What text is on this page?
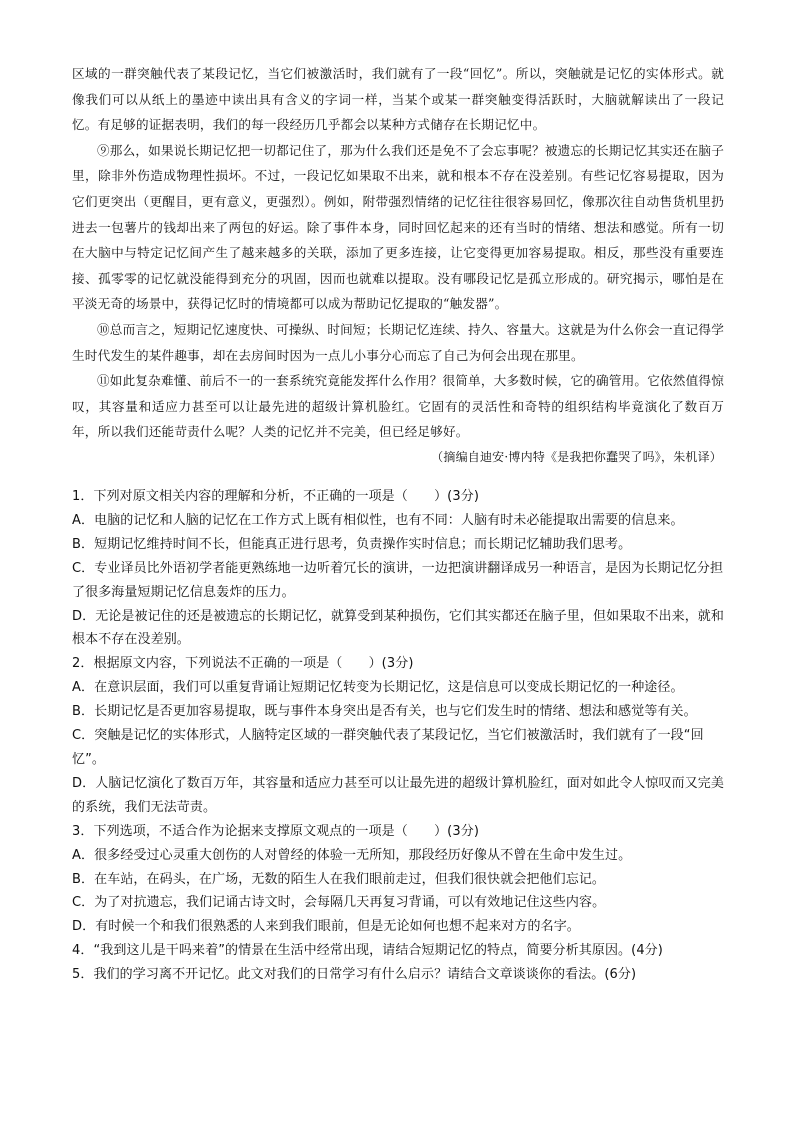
区域的一群突触代表了某段记忆，当它们被激活时，我们就有了一段“回忆”。所以，突触就是记忆的实体形式。就像我们可以从纸上的墨迹中读出具有含义的字词一样，当某个或某一群突触变得活跃时，大脑就解读出了一段记忆。有足够的证据表明，我们的每一段经历几乎都会以某种方式储存在长期记忆中。

⑨那么，如果说长期记忆把一切都记住了，那为什么我们还是免不了会忘事呢？被遗忘的长期记忆其实还在脑子里，除非外伤造成物理性损坏。不过，一段记忆如果取不出来，就和根本不存在没差别。有些记忆容易提取，因为它们更突出（更醒目，更有意义，更强烈）。例如，附带强烈情绪的记忆往往很容易回忆，像那次往自动售货机里扔进去一包薯片的钱却出来了两包的好运。除了事件本身，同时回忆起来的还有当时的情绪、想法和感觉。所有一切在大脑中与特定记忆间产生了越来越多的关联，添加了更多连接，让它变得更加容易提取。相反，那些没有重要连接、孤零零的记忆就没能得到充分的巩固，因而也就难以提取。没有哪段记忆是孤立形成的。研究揭示，哪怕是在平淡无奇的场景中，获得记忆时的情境都可以成为帮助记忆提取的“触发器”。

⑩总而言之，短期记忆速度快、可操纵、时间短；长期记忆连续、持久、容量大。这就是为什么你会一直记得学生时代发生的某件趣事，却在去房间时因为一点儿小事分心而忘了自己为何会出现在那里。

⑪如此复杂难懂、前后不一的一套系统究竟能发挥什么作用？很简单，大多数时候，它的确管用。它依然值得惊叹，其容量和适应力甚至可以让最先进的超级计算机脸红。它固有的灵活性和奇特的组织结构毕竟演化了数百万年，所以我们还能苛责什么呢？人类的记忆并不完美，但已经足够好。

（摘编自迪安·博内特《是我把你蠢哭了吗》，朱机译）

1．下列对原文相关内容的理解和分析，不正确的一项是（　　）(3分)

A．电脑的记忆和人脑的记忆在工作方式上既有相似性，也有不同：人脑有时未必能提取出需要的信息来。

B．短期记忆维持时间不长，但能真正进行思考，负责操作实时信息；而长期记忆辅助我们思考。

C．专业译员比外语初学者能更熟练地一边听着冗长的演讲，一边把演讲翻译成另一种语言，是因为长期记忆分担了很多海量短期记忆信息轰炸的压力。

D．无论是被记住的还是被遗忘的长期记忆，就算受到某种损伤，它们其实都还在脑子里，但如果取不出来，就和根本不存在没差别。

2．根据原文内容，下列说法不正确的一项是（　　）(3分)

A．在意识层面，我们可以重复背诵让短期记忆转变为长期记忆，这是信息可以变成长期记忆的一种途径。

B．长期记忆是否更加容易提取，既与事件本身突出是否有关，也与它们发生时的情绪、想法和感觉等有关。

C．突触是记忆的实体形式，人脑特定区域的一群突触代表了某段记忆，当它们被激活时，我们就有了一段“回忆”。

D．人脑记忆演化了数百万年，其容量和适应力甚至可以让最先进的超级计算机脸红，面对如此令人惊叹而又完美的系统，我们无法苛责。

3．下列选项，不适合作为论据来支撑原文观点的一项是（　　）(3分)

A．很多经受过心灵重大创伤的人对曾经的体验一无所知，那段经历好像从不曾在生命中发生过。

B．在车站，在码头，在广场，无数的陌生人在我们眼前走过，但我们很快就会把他们忘记。

C．为了对抗遗忘，我们记诵古诗文时，会每隔几天再复习背诵，可以有效地记住这些内容。

D．有时候一个和我们很熟悉的人来到我们眼前，但是无论如何也想不起来对方的名字。

4．“我到这儿是干吗来着”的情景在生活中经常出现，请结合短期记忆的特点，简要分析其原因。(4分)

5．我们的学习离不开记忆。此文对我们的日常学习有什么启示？请结合文章谈谈你的看法。(6分)
